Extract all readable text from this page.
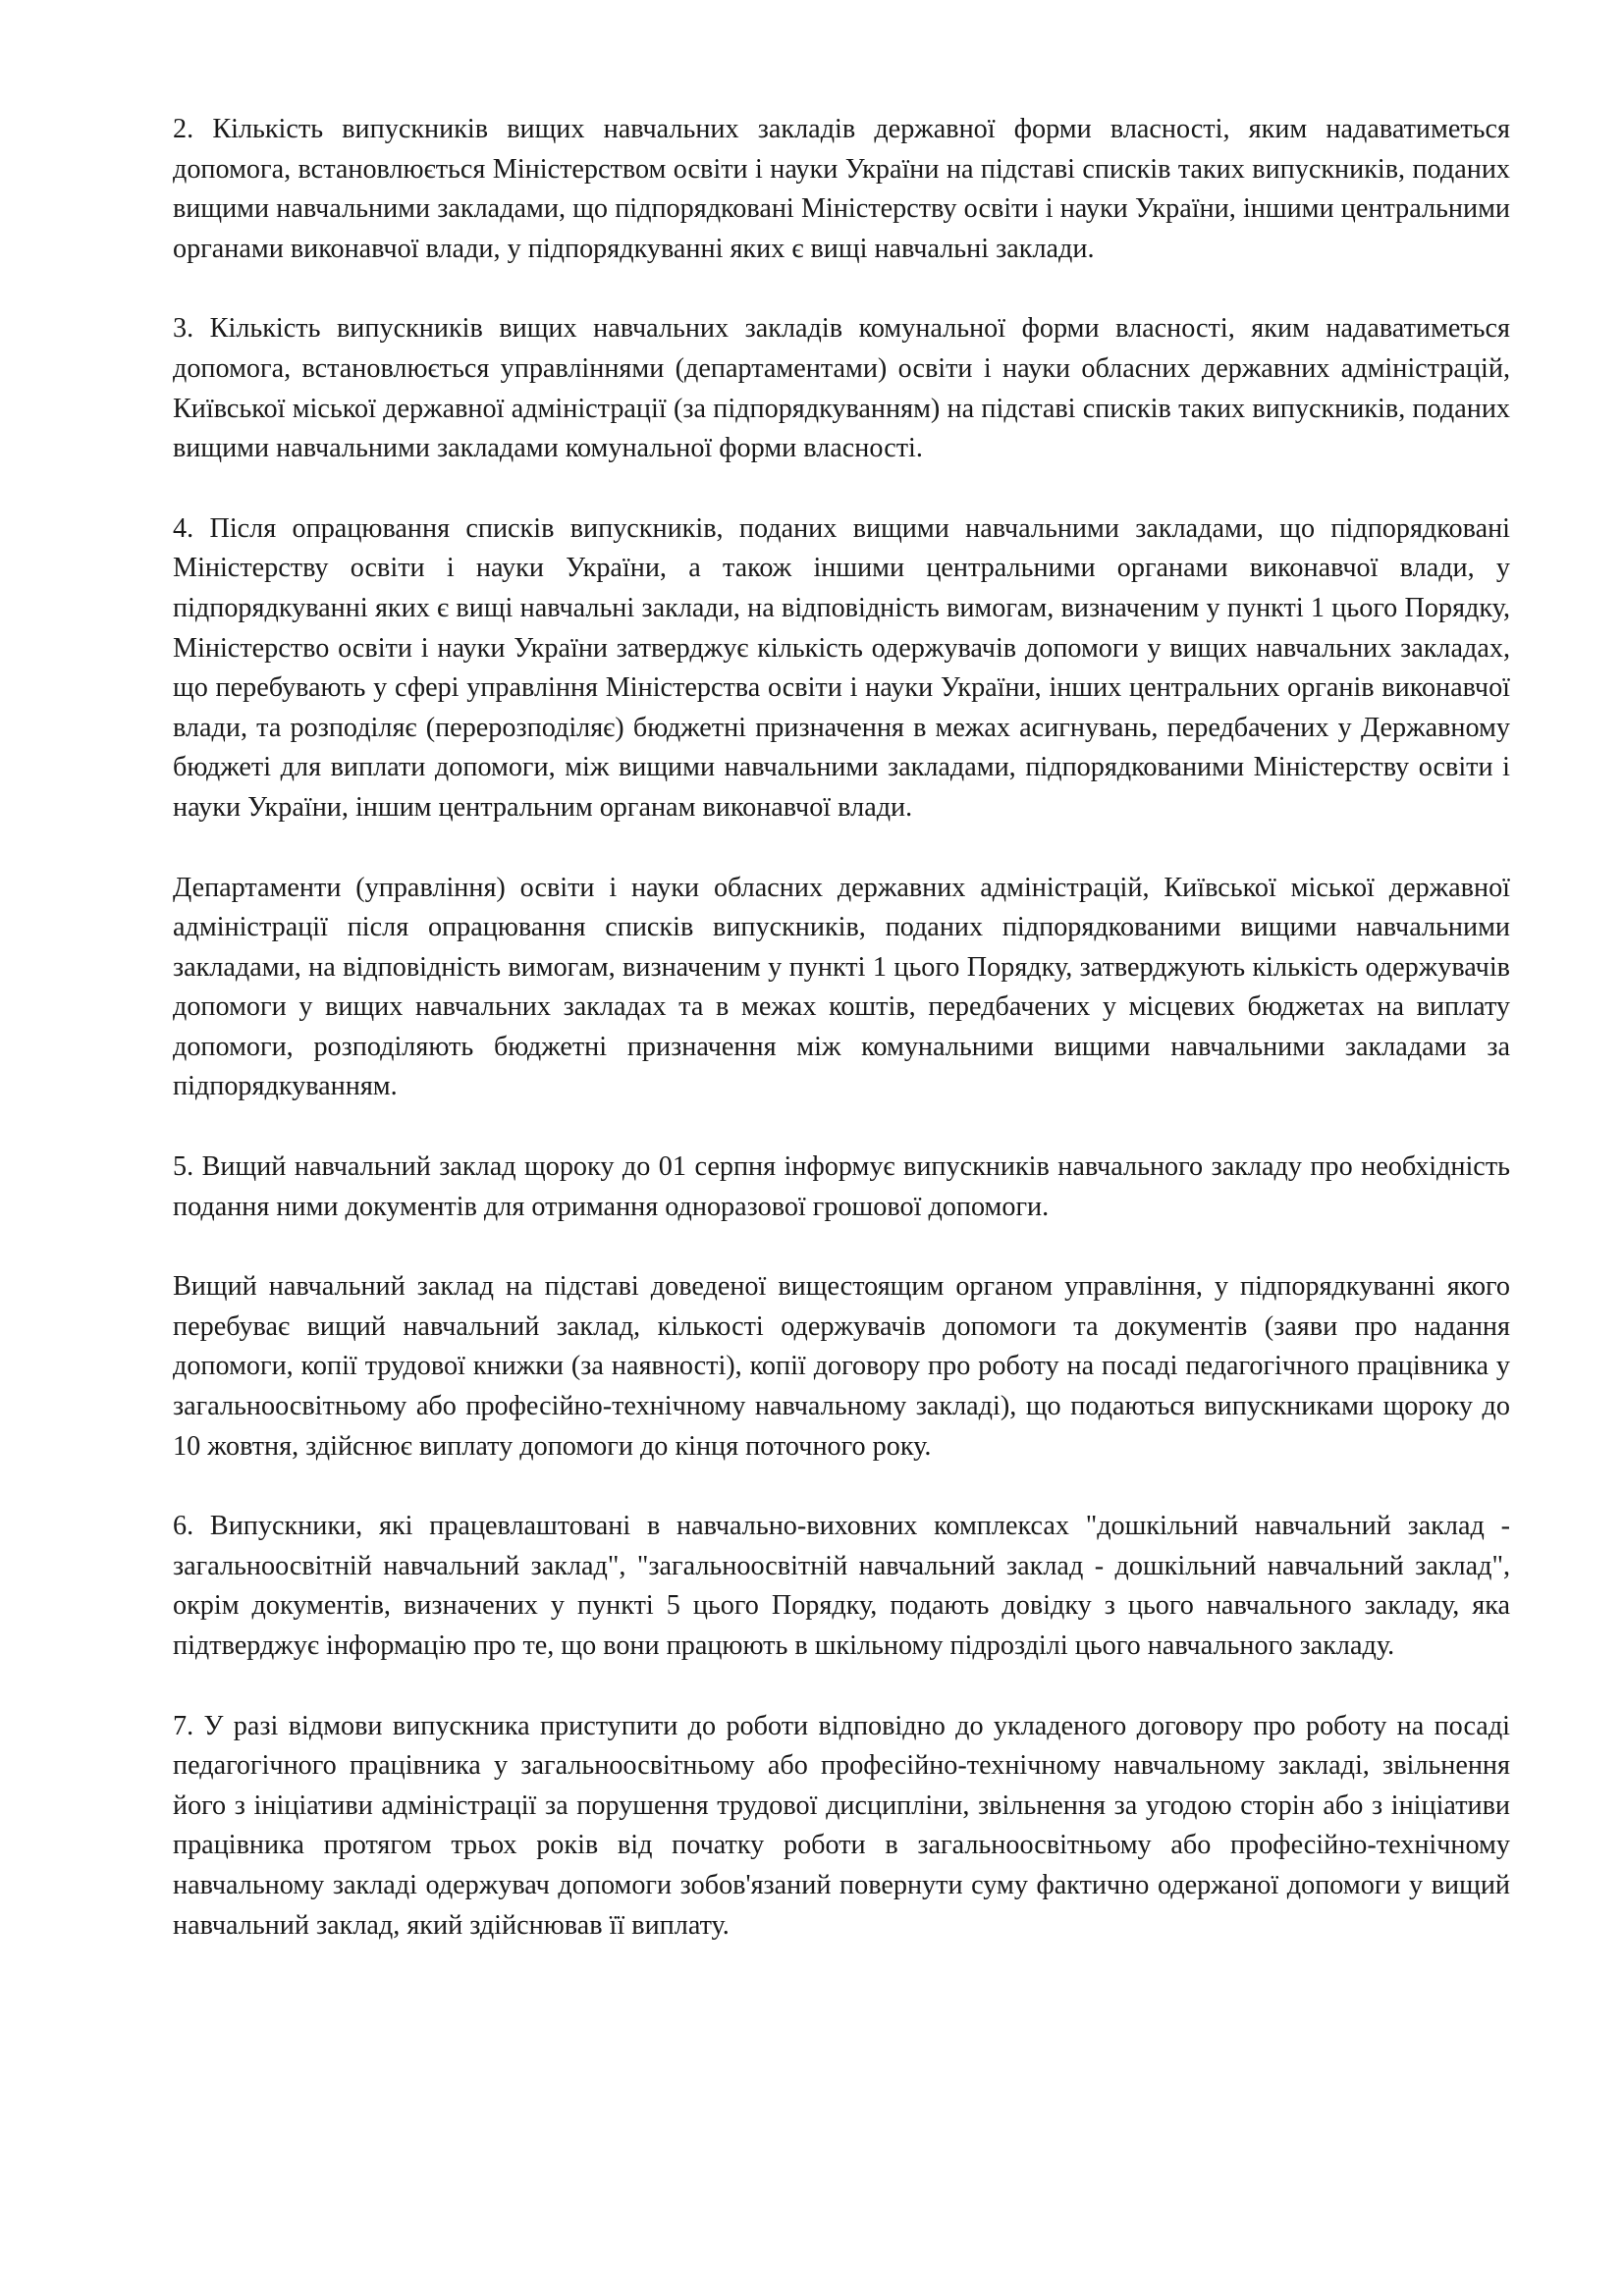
2. Кількість випускників вищих навчальних закладів державної форми власності, яким надаватиметься допомога, встановлюється Міністерством освіти і науки України на підставі списків таких випускників, поданих вищими навчальними закладами, що підпорядковані Міністерству освіти і науки України, іншими центральними органами виконавчої влади, у підпорядкуванні яких є вищі навчальні заклади.

3. Кількість випускників вищих навчальних закладів комунальної форми власності, яким надаватиметься допомога, встановлюється управліннями (департаментами) освіти і науки обласних державних адміністрацій, Київської міської державної адміністрації (за підпорядкуванням) на підставі списків таких випускників, поданих вищими навчальними закладами комунальної форми власності.

4. Після опрацювання списків випускників, поданих вищими навчальними закладами, що підпорядковані Міністерству освіти і науки України, а також іншими центральними органами виконавчої влади, у підпорядкуванні яких є вищі навчальні заклади, на відповідність вимогам, визначеним у пункті 1 цього Порядку, Міністерство освіти і науки України затверджує кількість одержувачів допомоги у вищих навчальних закладах, що перебувають у сфері управління Міністерства освіти і науки України, інших центральних органів виконавчої влади, та розподіляє (перерозподіляє) бюджетні призначення в межах асигнувань, передбачених у Державному бюджеті для виплати допомоги, між вищими навчальними закладами, підпорядкованими Міністерству освіти і науки України, іншим центральним органам виконавчої влади.

Департаменти (управління) освіти і науки обласних державних адміністрацій, Київської міської державної адміністрації після опрацювання списків випускників, поданих підпорядкованими вищими навчальними закладами, на відповідність вимогам, визначеним у пункті 1 цього Порядку, затверджують кількість одержувачів допомоги у вищих навчальних закладах та в межах коштів, передбачених у місцевих бюджетах на виплату допомоги, розподіляють бюджетні призначення між комунальними вищими навчальними закладами за підпорядкуванням.

5. Вищий навчальний заклад щороку до 01 серпня інформує випускників навчального закладу про необхідність подання ними документів для отримання одноразової грошової допомоги.

Вищий навчальний заклад на підставі доведеної вищестоящим органом управління, у підпорядкуванні якого перебуває вищий навчальний заклад, кількості одержувачів допомоги та документів (заяви про надання допомоги, копії трудової книжки (за наявності), копії договору про роботу на посаді педагогічного працівника у загальноосвітньому або професійно-технічному навчальному закладі), що подаються випускниками щороку до 10 жовтня, здійснює виплату допомоги до кінця поточного року.

6. Випускники, які працевлаштовані в навчально-виховних комплексах "дошкільний навчальний заклад - загальноосвітній навчальний заклад", "загальноосвітній навчальний заклад - дошкільний навчальний заклад", окрім документів, визначених у пункті 5 цього Порядку, подають довідку з цього навчального закладу, яка підтверджує інформацію про те, що вони працюють в шкільному підрозділі цього навчального закладу.

7. У разі відмови випускника приступити до роботи відповідно до укладеного договору про роботу на посаді педагогічного працівника у загальноосвітньому або професійно-технічному навчальному закладі, звільнення його з ініціативи адміністрації за порушення трудової дисципліни, звільнення за угодою сторін або з ініціативи працівника протягом трьох років від початку роботи в загальноосвітньому або професійно-технічному навчальному закладі одержувач допомоги зобов'язаний повернути суму фактично одержаної допомоги у вищий навчальний заклад, який здійснював її виплату.
